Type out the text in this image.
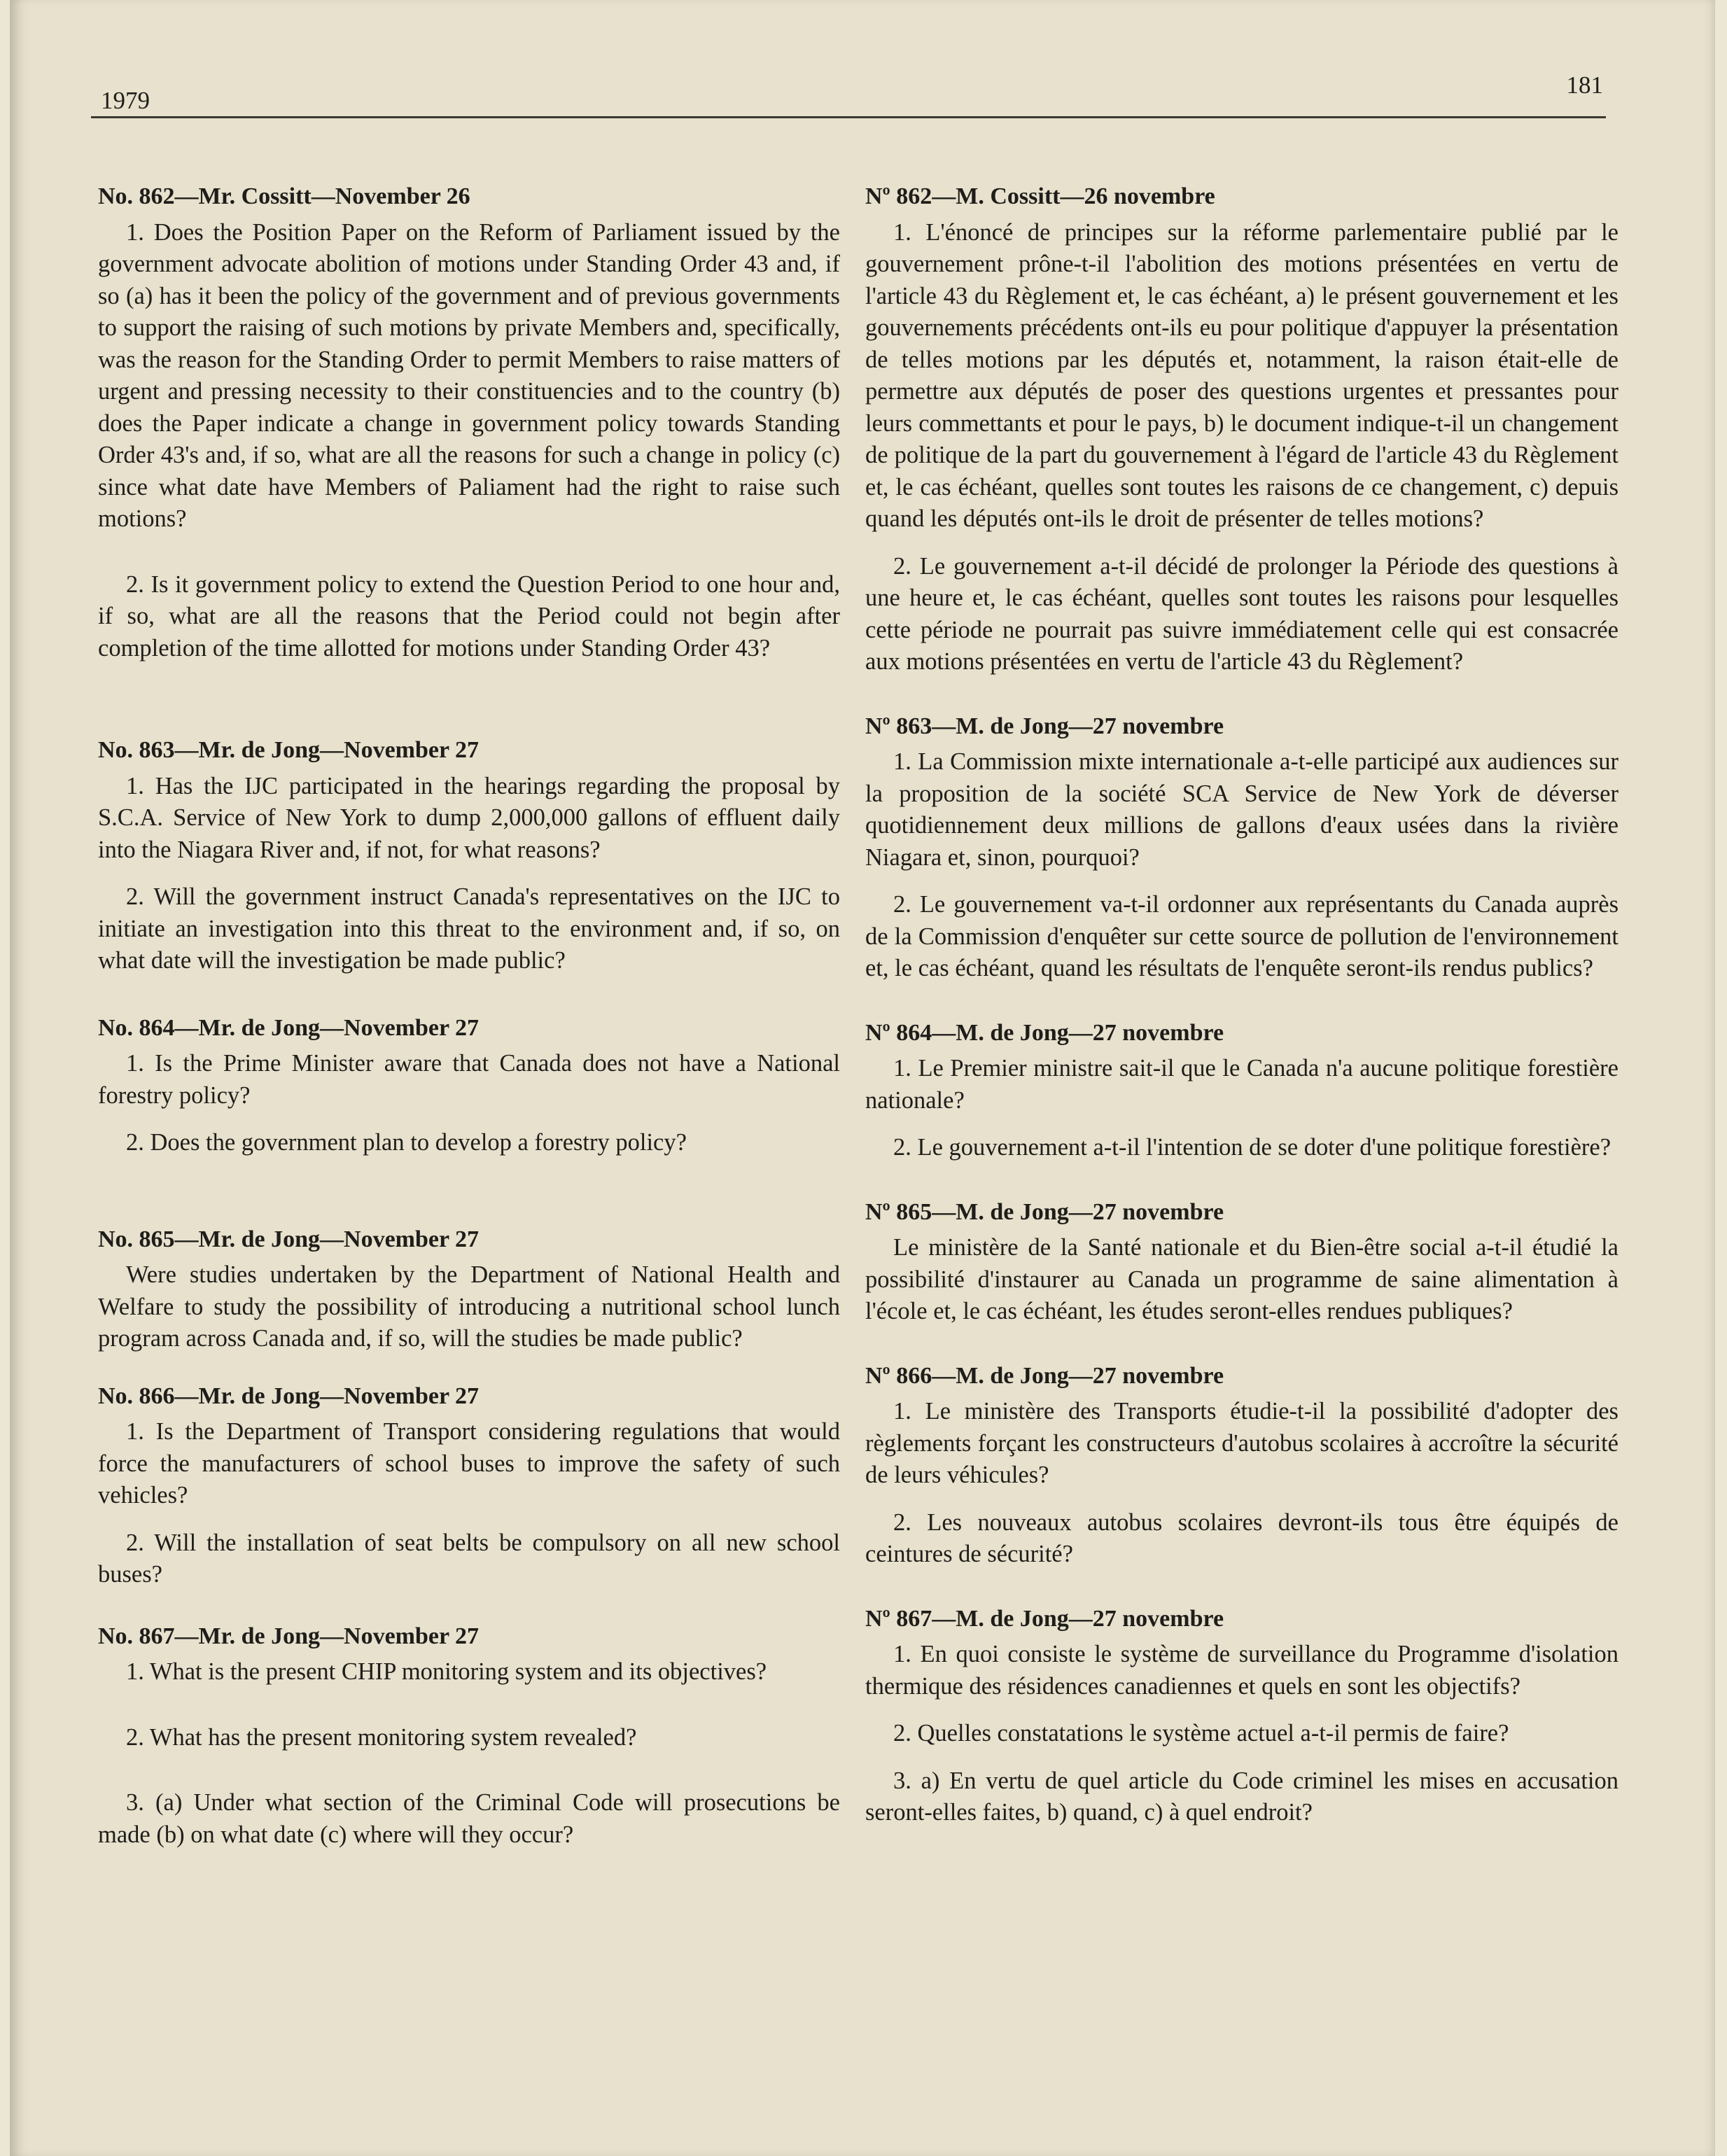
1979
181
No. 862—Mr. Cossitt—November 26

1. Does the Position Paper on the Reform of Parliament issued by the government advocate abolition of motions under Standing Order 43 and, if so (a) has it been the policy of the government and of previous governments to support the raising of such motions by private Members and, specifically, was the reason for the Standing Order to permit Members to raise matters of urgent and pressing necessity to their constituencies and to the country (b) does the Paper indicate a change in government policy towards Standing Order 43's and, if so, what are all the reasons for such a change in policy (c) since what date have Members of Paliament had the right to raise such motions?

2. Is it government policy to extend the Question Period to one hour and, if so, what are all the reasons that the Period could not begin after completion of the time allotted for motions under Standing Order 43?

No. 863—Mr. de Jong—November 27

1. Has the IJC participated in the hearings regarding the proposal by S.C.A. Service of New York to dump 2,000,000 gallons of effluent daily into the Niagara River and, if not, for what reasons?

2. Will the government instruct Canada's representatives on the IJC to initiate an investigation into this threat to the environment and, if so, on what date will the investigation be made public?

No. 864—Mr. de Jong—November 27

1. Is the Prime Minister aware that Canada does not have a National forestry policy?

2. Does the government plan to develop a forestry policy?

No. 865—Mr. de Jong—November 27

Were studies undertaken by the Department of National Health and Welfare to study the possibility of introducing a nutritional school lunch program across Canada and, if so, will the studies be made public?

No. 866—Mr. de Jong—November 27

1. Is the Department of Transport considering regulations that would force the manufacturers of school buses to improve the safety of such vehicles?

2. Will the installation of seat belts be compulsory on all new school buses?

No. 867—Mr. de Jong—November 27

1. What is the present CHIP monitoring system and its objectives?

2. What has the present monitoring system revealed?

3. (a) Under what section of the Criminal Code will prosecutions be made (b) on what date (c) where will they occur?

Nº 862—M. Cossitt—26 novembre

1. L'énoncé de principes sur la réforme parlementaire publié par le gouvernement prône-t-il l'abolition des motions présentées en vertu de l'article 43 du Règlement et, le cas échéant, a) le présent gouvernement et les gouvernements précédents ont-ils eu pour politique d'appuyer la présentation de telles motions par les députés et, notamment, la raison était-elle de permettre aux députés de poser des questions urgentes et pressantes pour leurs commettants et pour le pays, b) le document indique-t-il un changement de politique de la part du gouvernement à l'égard de l'article 43 du Règlement et, le cas échéant, quelles sont toutes les raisons de ce changement, c) depuis quand les députés ont-ils le droit de présenter de telles motions?

2. Le gouvernement a-t-il décidé de prolonger la Période des questions à une heure et, le cas échéant, quelles sont toutes les raisons pour lesquelles cette période ne pourrait pas suivre immédiatement celle qui est consacrée aux motions présentées en vertu de l'article 43 du Règlement?

Nº 863—M. de Jong—27 novembre

1. La Commission mixte internationale a-t-elle participé aux audiences sur la proposition de la société SCA Service de New York de déverser quotidiennement deux millions de gallons d'eaux usées dans la rivière Niagara et, sinon, pourquoi?

2. Le gouvernement va-t-il ordonner aux représentants du Canada auprès de la Commission d'enquêter sur cette source de pollution de l'environnement et, le cas échéant, quand les résultats de l'enquête seront-ils rendus publics?

Nº 864—M. de Jong—27 novembre

1. Le Premier ministre sait-il que le Canada n'a aucune politique forestière nationale?

2. Le gouvernement a-t-il l'intention de se doter d'une politique forestière?

Nº 865—M. de Jong—27 novembre

Le ministère de la Santé nationale et du Bien-être social a-t-il étudié la possibilité d'instaurer au Canada un programme de saine alimentation à l'école et, le cas échéant, les études seront-elles rendues publiques?

Nº 866—M. de Jong—27 novembre

1. Le ministère des Transports étudie-t-il la possibilité d'adopter des règlements forçant les constructeurs d'autobus scolaires à accroître la sécurité de leurs véhicules?

2. Les nouveaux autobus scolaires devront-ils tous être équipés de ceintures de sécurité?

Nº 867—M. de Jong—27 novembre

1. En quoi consiste le système de surveillance du Programme d'isolation thermique des résidences canadiennes et quels en sont les objectifs?

2. Quelles constatations le système actuel a-t-il permis de faire?

3. a) En vertu de quel article du Code criminel les mises en accusation seront-elles faites, b) quand, c) à quel endroit?
